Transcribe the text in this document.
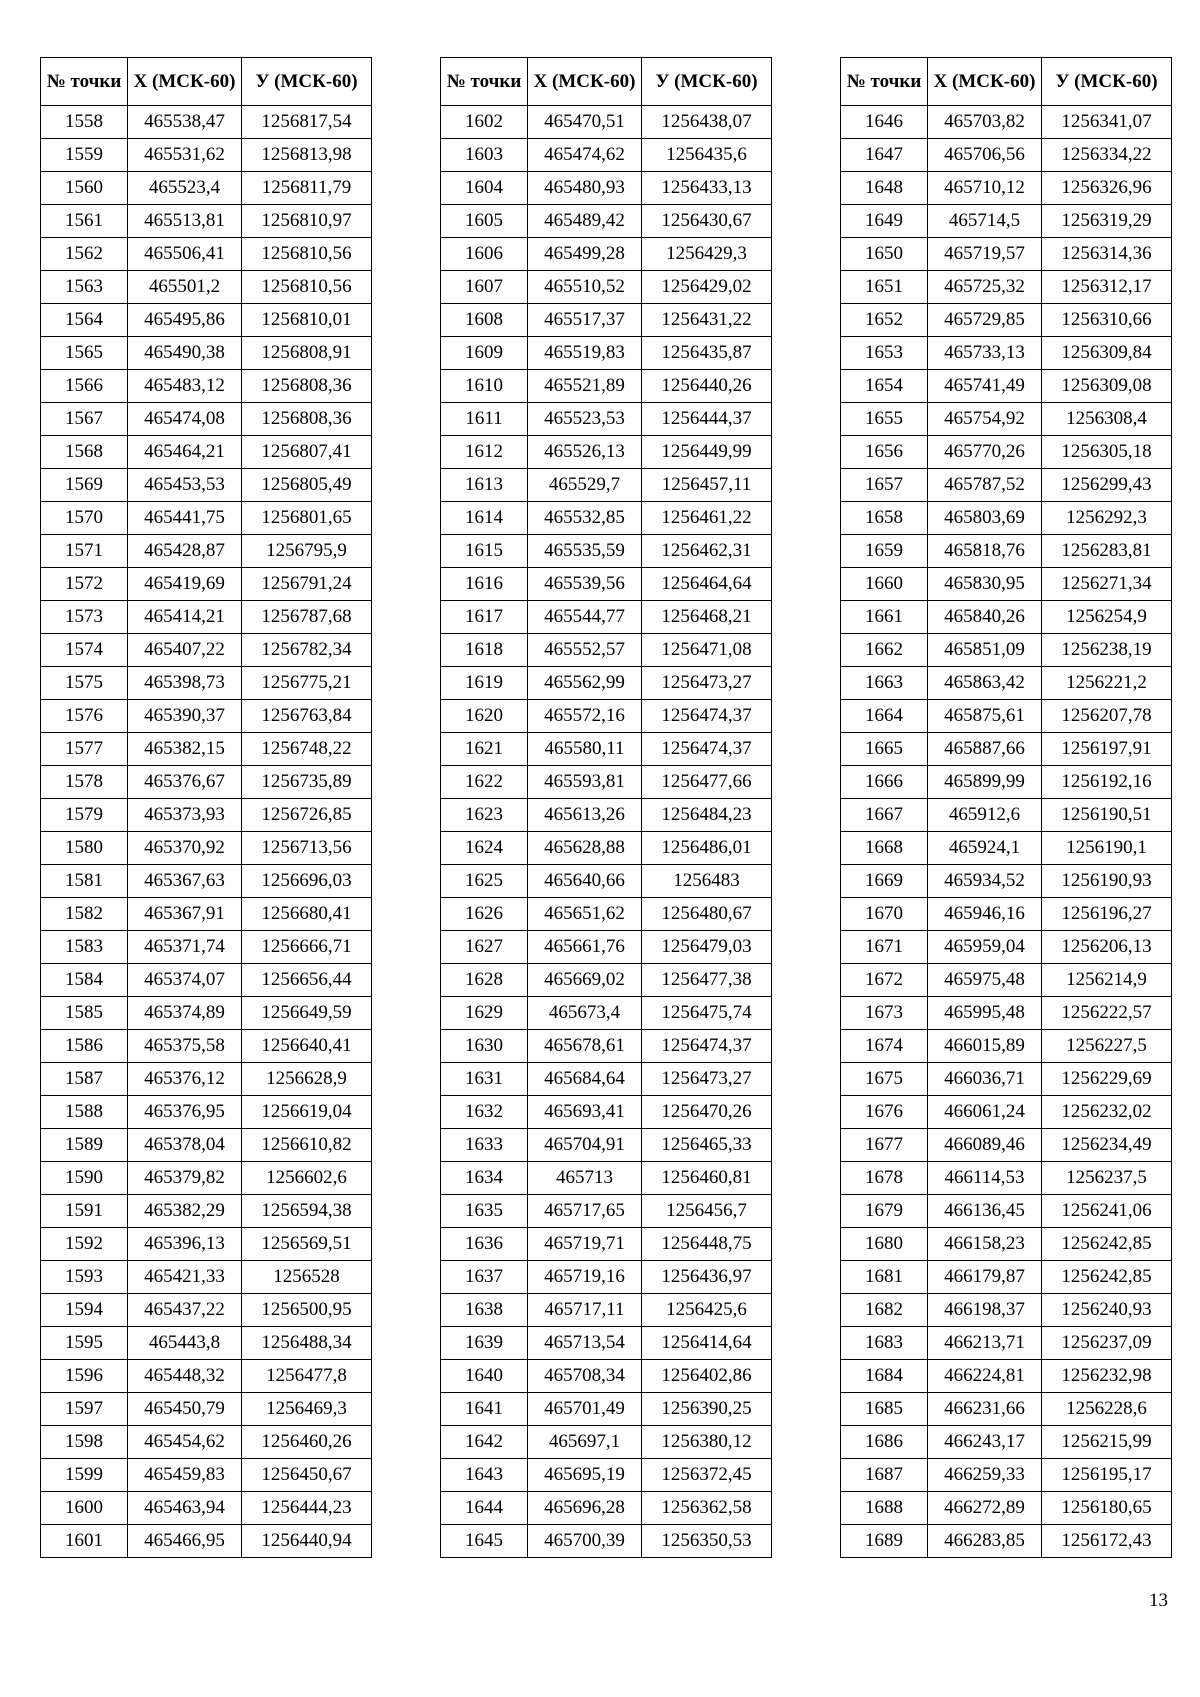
№ точки	X (МСК-60)	У (МСК-60)
1558	465538,47	1256817,54
1559	465531,62	1256813,98
1560	465523,4	1256811,79
1561	465513,81	1256810,97
1562	465506,41	1256810,56
1563	465501,2	1256810,56
1564	465495,86	1256810,01
1565	465490,38	1256808,91
1566	465483,12	1256808,36
1567	465474,08	1256808,36
1568	465464,21	1256807,41
1569	465453,53	1256805,49
1570	465441,75	1256801,65
1571	465428,87	1256795,9
1572	465419,69	1256791,24
1573	465414,21	1256787,68
1574	465407,22	1256782,34
1575	465398,73	1256775,21
1576	465390,37	1256763,84
1577	465382,15	1256748,22
1578	465376,67	1256735,89
1579	465373,93	1256726,85
1580	465370,92	1256713,56
1581	465367,63	1256696,03
1582	465367,91	1256680,41
1583	465371,74	1256666,71
1584	465374,07	1256656,44
1585	465374,89	1256649,59
1586	465375,58	1256640,41
1587	465376,12	1256628,9
1588	465376,95	1256619,04
1589	465378,04	1256610,82
1590	465379,82	1256602,6
1591	465382,29	1256594,38
1592	465396,13	1256569,51
1593	465421,33	1256528
1594	465437,22	1256500,95
1595	465443,8	1256488,34
1596	465448,32	1256477,8
1597	465450,79	1256469,3
1598	465454,62	1256460,26
1599	465459,83	1256450,67
1600	465463,94	1256444,23
1601	465466,95	1256440,94
№ точки	X (МСК-60)	У (МСК-60)
1602	465470,51	1256438,07
1603	465474,62	1256435,6
1604	465480,93	1256433,13
1605	465489,42	1256430,67
1606	465499,28	1256429,3
1607	465510,52	1256429,02
1608	465517,37	1256431,22
1609	465519,83	1256435,87
1610	465521,89	1256440,26
1611	465523,53	1256444,37
1612	465526,13	1256449,99
1613	465529,7	1256457,11
1614	465532,85	1256461,22
1615	465535,59	1256462,31
1616	465539,56	1256464,64
1617	465544,77	1256468,21
1618	465552,57	1256471,08
1619	465562,99	1256473,27
1620	465572,16	1256474,37
1621	465580,11	1256474,37
1622	465593,81	1256477,66
1623	465613,26	1256484,23
1624	465628,88	1256486,01
1625	465640,66	1256483
1626	465651,62	1256480,67
1627	465661,76	1256479,03
1628	465669,02	1256477,38
1629	465673,4	1256475,74
1630	465678,61	1256474,37
1631	465684,64	1256473,27
1632	465693,41	1256470,26
1633	465704,91	1256465,33
1634	465713	1256460,81
1635	465717,65	1256456,7
1636	465719,71	1256448,75
1637	465719,16	1256436,97
1638	465717,11	1256425,6
1639	465713,54	1256414,64
1640	465708,34	1256402,86
1641	465701,49	1256390,25
1642	465697,1	1256380,12
1643	465695,19	1256372,45
1644	465696,28	1256362,58
1645	465700,39	1256350,53
№ точки	X (МСК-60)	У (МСК-60)
1646	465703,82	1256341,07
1647	465706,56	1256334,22
1648	465710,12	1256326,96
1649	465714,5	1256319,29
1650	465719,57	1256314,36
1651	465725,32	1256312,17
1652	465729,85	1256310,66
1653	465733,13	1256309,84
1654	465741,49	1256309,08
1655	465754,92	1256308,4
1656	465770,26	1256305,18
1657	465787,52	1256299,43
1658	465803,69	1256292,3
1659	465818,76	1256283,81
1660	465830,95	1256271,34
1661	465840,26	1256254,9
1662	465851,09	1256238,19
1663	465863,42	1256221,2
1664	465875,61	1256207,78
1665	465887,66	1256197,91
1666	465899,99	1256192,16
1667	465912,6	1256190,51
1668	465924,1	1256190,1
1669	465934,52	1256190,93
1670	465946,16	1256196,27
1671	465959,04	1256206,13
1672	465975,48	1256214,9
1673	465995,48	1256222,57
1674	466015,89	1256227,5
1675	466036,71	1256229,69
1676	466061,24	1256232,02
1677	466089,46	1256234,49
1678	466114,53	1256237,5
1679	466136,45	1256241,06
1680	466158,23	1256242,85
1681	466179,87	1256242,85
1682	466198,37	1256240,93
1683	466213,71	1256237,09
1684	466224,81	1256232,98
1685	466231,66	1256228,6
1686	466243,17	1256215,99
1687	466259,33	1256195,17
1688	466272,89	1256180,65
1689	466283,85	1256172,43
13
